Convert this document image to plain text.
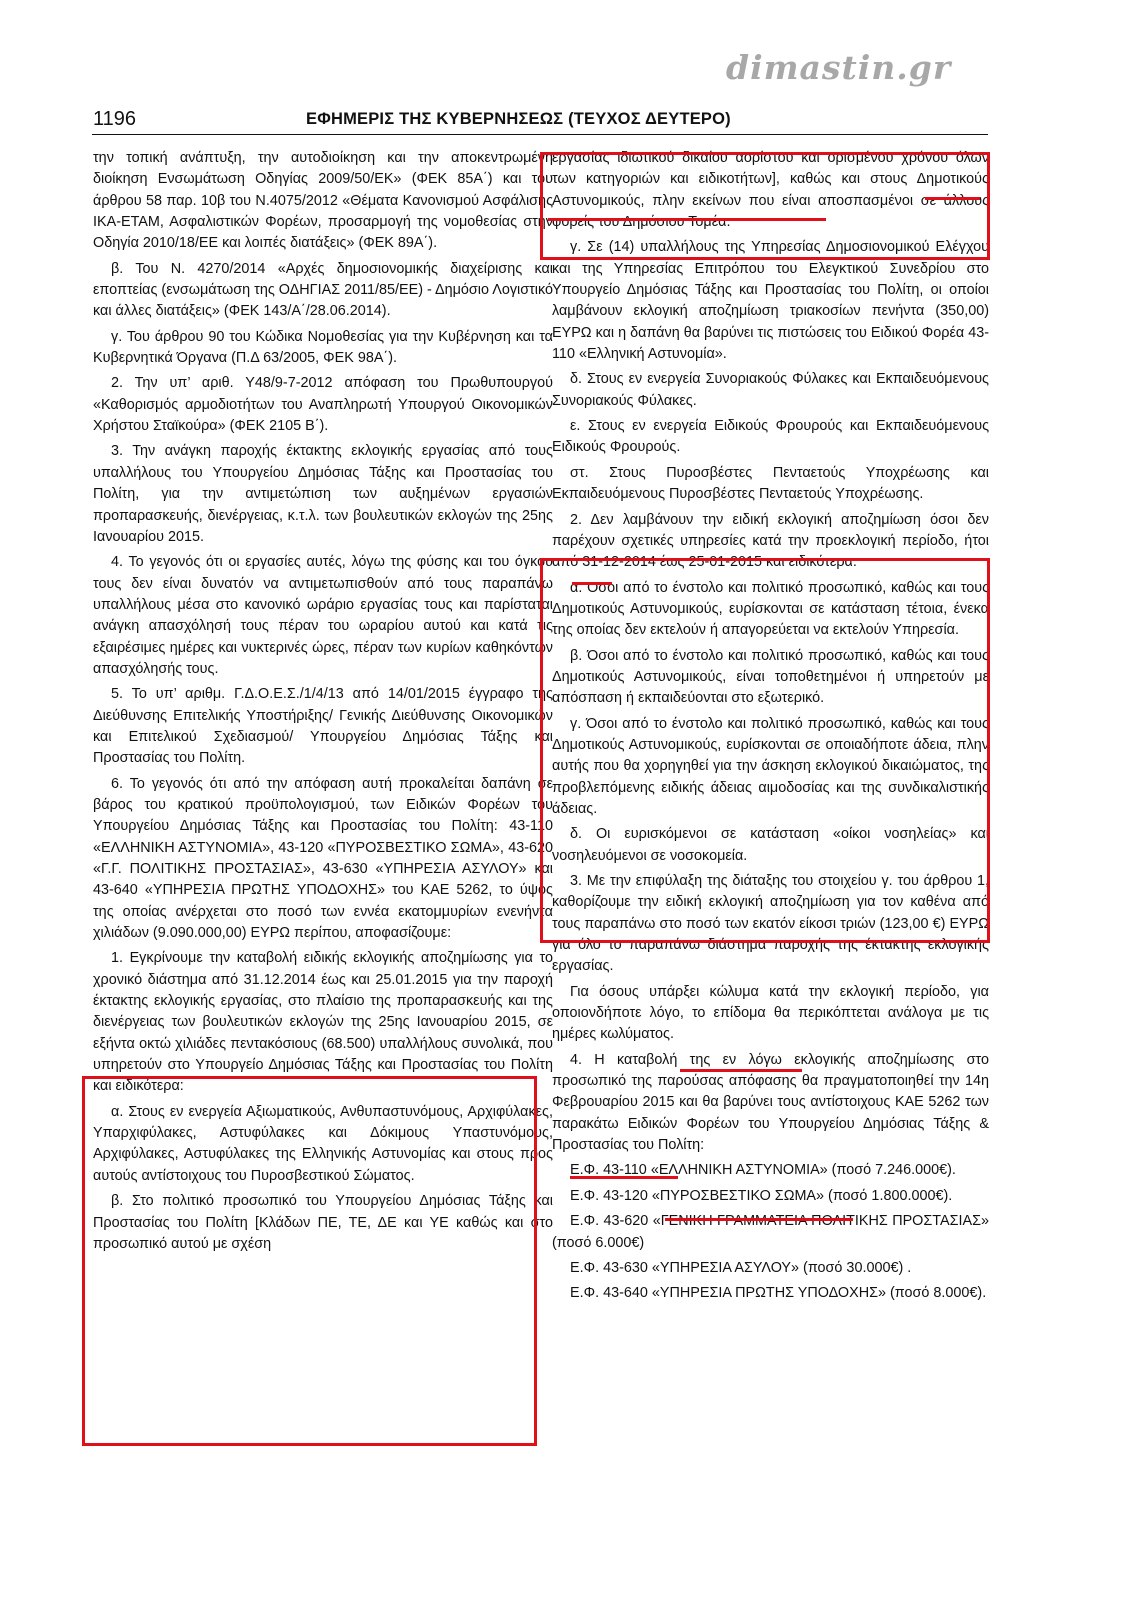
dimastin.gr
1196	ΕΦΗΜΕΡΙΣ ΤΗΣ ΚΥΒΕΡΝΗΣΕΩΣ (ΤΕΥΧΟΣ ΔΕΥΤΕΡΟ)

την τοπική ανάπτυξη, την αυτοδιοίκηση και την αποκεντρωμένη διοίκηση Ενσωμάτωση Οδηγίας 2009/50/ΕΚ» (ΦΕΚ 85Α΄) και του άρθρου 58 παρ. 10β του Ν.4075/2012 «Θέματα Κανονισμού Ασφάλισης ΙΚΑ-ΕΤΑΜ, Ασφαλιστικών Φορέων, προσαρμογή της νομοθεσίας στην Οδηγία 2010/18/ΕΕ και λοιπές διατάξεις» (ΦΕΚ 89Α΄).

β. Του Ν. 4270/2014 «Αρχές δημοσιονομικής διαχείρισης και εποπτείας (ενσωμάτωση της ΟΔΗΓΙΑΣ 2011/85/ΕΕ) - Δημόσιο Λογιστικό και άλλες διατάξεις» (ΦΕΚ 143/Α΄/28.06.2014).

γ. Του άρθρου 90 του Κώδικα Νομοθεσίας για την Κυβέρνηση και τα Κυβερνητικά Όργανα (Π.Δ 63/2005, ΦΕΚ 98Α΄).

2. Την υπ’ αριθ. Υ48/9-7-2012 απόφαση του Πρωθυπουργού «Καθορισμός αρμοδιοτήτων του Αναπληρωτή Υπουργού Οικονομικών Χρήστου Σταϊκούρα» (ΦΕΚ 2105 Β΄).

3. Την ανάγκη παροχής έκτακτης εκλογικής εργασίας από τους υπαλλήλους του Υπουργείου Δημόσιας Τάξης και Προστασίας του Πολίτη, για την αντιμετώπιση των αυξημένων εργασιών προπαρασκευής, διενέργειας, κ.τ.λ. των βουλευτικών εκλογών της 25ης Ιανουαρίου 2015.

4. Το γεγονός ότι οι εργασίες αυτές, λόγω της φύσης και του όγκου τους δεν είναι δυνατόν να αντιμετωπισθούν από τους παραπάνω υπαλλήλους μέσα στο κανονικό ωράριο εργασίας τους και παρίσταται ανάγκη απασχόλησή τους πέραν του ωραρίου αυτού και κατά τις εξαιρέσιμες ημέρες και νυκτερινές ώρες, πέραν των κυρίων καθηκόντων απασχόλησής τους.

5. Το υπ’ αριθμ. Γ.Δ.Ο.Ε.Σ./1/4/13 από 14/01/2015 έγγραφο της Διεύθυνσης Επιτελικής Υποστήριξης/ Γενικής Διεύθυνσης Οικονομικών και Επιτελικού Σχεδιασμού/ Υπουργείου Δημόσιας Τάξης και Προστασίας του Πολίτη.

6. Το γεγονός ότι από την απόφαση αυτή προκαλείται δαπάνη σε βάρος του κρατικού προϋπολογισμού, των Ειδικών Φορέων του Υπουργείου Δημόσιας Τάξης και Προστασίας του Πολίτη: 43-110 «ΕΛΛΗΝΙΚΗ ΑΣΤΥΝΟΜΙΑ», 43-120 «ΠΥΡΟΣΒΕΣΤΙΚΟ ΣΩΜΑ», 43-620 «Γ.Γ. ΠΟΛΙΤΙΚΗΣ ΠΡΟΣΤΑΣΙΑΣ», 43-630 «ΥΠΗΡΕΣΙΑ ΑΣΥΛΟΥ» και 43-640 «ΥΠΗΡΕΣΙΑ ΠΡΩΤΗΣ ΥΠΟΔΟΧΗΣ» του ΚΑΕ 5262, το ύψος της οποίας ανέρχεται στο ποσό των εννέα εκατομμυρίων ενενήντα χιλιάδων (9.090.000,00) ΕΥΡΩ περίπου, αποφασίζουμε:

1. Εγκρίνουμε την καταβολή ειδικής εκλογικής αποζημίωσης για το χρονικό διάστημα από 31.12.2014 έως και 25.01.2015 για την παροχή έκτακτης εκλογικής εργασίας, στο πλαίσιο της προπαρασκευής και της διενέργειας των βουλευτικών εκλογών της 25ης Ιανουαρίου 2015, σε εξήντα οκτώ χιλιάδες πεντακόσιους (68.500) υπαλλήλους συνολικά, που υπηρετούν στο Υπουργείο Δημόσιας Τάξης και Προστασίας του Πολίτη και ειδικότερα:

α. Στους εν ενεργεία Αξιωματικούς, Ανθυπαστυνόμους, Αρχιφύλακες, Υπαρχιφύλακες, Αστυφύλακες και Δόκιμους Υπαστυνόμους, Αρχιφύλακες, Αστυφύλακες της Ελληνικής Αστυνομίας και στους προς αυτούς αντίστοιχους του Πυροσβεστικού Σώματος.

β. Στο πολιτικό προσωπικό του Υπουργείου Δημόσιας Τάξης και Προστασίας του Πολίτη [Κλάδων ΠΕ, ΤΕ, ΔΕ και ΥΕ καθώς και στο προσωπικό αυτού με σχέση

εργασίας ιδιωτικού δικαίου αορίστου και ορισμένου χρόνου όλων των κατηγοριών και ειδικοτήτων], καθώς και στους Δημοτικούς Αστυνομικούς, πλην εκείνων που είναι αποσπασμένοι σε άλλους φορείς του Δημόσιου Τομέα.

γ. Σε (14) υπαλλήλους της Υπηρεσίας Δημοσιονομικού Ελέγχου και της Υπηρεσίας Επιτρόπου του Ελεγκτικού Συνεδρίου στο Υπουργείο Δημόσιας Τάξης και Προστασίας του Πολίτη, οι οποίοι λαμβάνουν εκλογική αποζημίωση τριακοσίων πενήντα (350,00) ΕΥΡΩ και η δαπάνη θα βαρύνει τις πιστώσεις του Ειδικού Φορέα 43-110 «Ελληνική Αστυνομία».

δ. Στους εν ενεργεία Συνοριακούς Φύλακες και Εκπαιδευόμενους Συνοριακούς Φύλακες.

ε. Στους εν ενεργεία Ειδικούς Φρουρούς και Εκπαιδευόμενους Ειδικούς Φρουρούς.

στ. Στους Πυροσβέστες Πενταετούς Υποχρέωσης και Εκπαιδευόμενους Πυροσβέστες Πενταετούς Υποχρέωσης.

2. Δεν λαμβάνουν την ειδική εκλογική αποζημίωση όσοι δεν παρέχουν σχετικές υπηρεσίες κατά την προεκλογική περίοδο, ήτοι από 31-12-2014 έως 25-01-2015 και ειδικότερα:

α. Όσοι από το ένστολο και πολιτικό προσωπικό, καθώς και τους Δημοτικούς Αστυνομικούς, ευρίσκονται σε κατάσταση τέτοια, ένεκα της οποίας δεν εκτελούν ή απαγορεύεται να εκτελούν Υπηρεσία.

β. Όσοι από το ένστολο και πολιτικό προσωπικό, καθώς και τους Δημοτικούς Αστυνομικούς, είναι τοποθετημένοι ή υπηρετούν με απόσπαση ή εκπαιδεύονται στο εξωτερικό.

γ. Όσοι από το ένστολο και πολιτικό προσωπικό, καθώς και τους Δημοτικούς Αστυνομικούς, ευρίσκονται σε οποιαδήποτε άδεια, πλην αυτής που θα χορηγηθεί για την άσκηση εκλογικού δικαιώματος, της προβλεπόμενης ειδικής άδειας αιμοδοσίας και της συνδικαλιστικής άδειας.

δ. Οι ευρισκόμενοι σε κατάσταση «οίκοι νοσηλείας» και νοσηλευόμενοι σε νοσοκομεία.

3. Με την επιφύλαξη της διάταξης του στοιχείου γ. του άρθρου 1, καθορίζουμε την ειδική εκλογική αποζημίωση για τον καθένα από τους παραπάνω στο ποσό των εκατόν είκοσι τριών (123,00 €) ΕΥΡΩ για όλο το παραπάνω διάστημα παροχής της έκτακτης εκλογικής εργασίας.

Για όσους υπάρξει κώλυμα κατά την εκλογική περίοδο, για οποιονδήποτε λόγο, το επίδομα θα περικόπτεται ανάλογα με τις ημέρες κωλύματος.

4. Η καταβολή της εν λόγω εκλογικής αποζημίωσης στο προσωπικό της παρούσας απόφασης θα πραγματοποιηθεί την 14η Φεβρουαρίου 2015 και θα βαρύνει τους αντίστοιχους ΚΑΕ 5262 των παρακάτω Ειδικών Φορέων του Υπουργείου Δημόσιας Τάξης & Προστασίας του Πολίτη:

Ε.Φ. 43-110 «ΕΛΛΗΝΙΚΗ ΑΣΤΥΝΟΜΙΑ» (ποσό 7.246.000€).

Ε.Φ. 43-120 «ΠΥΡΟΣΒΕΣΤΙΚΟ ΣΩΜΑ» (ποσό 1.800.000€).

Ε.Φ. 43-620 «ΓΕΝΙΚΗ ΓΡΑΜΜΑΤΕΙΑ ΠΟΛΙΤΙΚΗΣ ΠΡΟΣΤΑΣΙΑΣ» (ποσό 6.000€)

Ε.Φ. 43-630 «ΥΠΗΡΕΣΙΑ ΑΣΥΛΟΥ» (ποσό 30.000€) .

Ε.Φ. 43-640 «ΥΠΗΡΕΣΙΑ ΠΡΩΤΗΣ ΥΠΟΔΟΧΗΣ» (ποσό 8.000€).
